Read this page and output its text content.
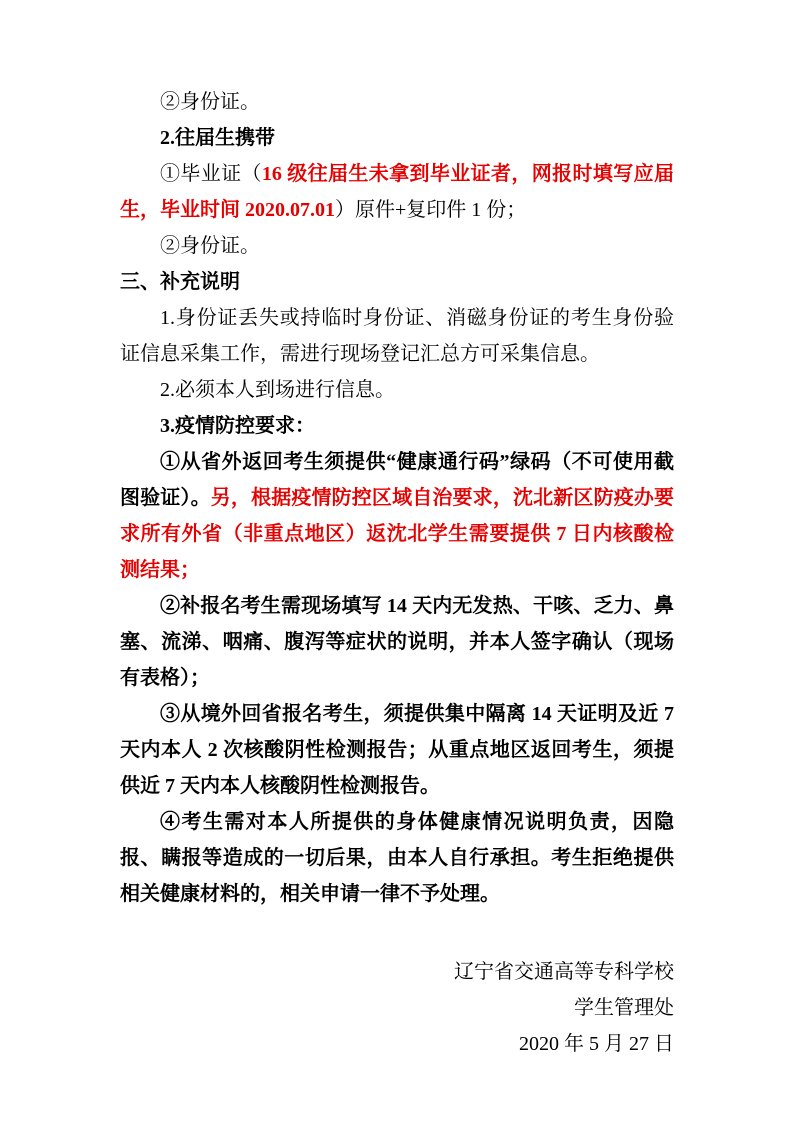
②身份证。

2.往届生携带

①毕业证（16 级往届生未拿到毕业证者，网报时填写应届生，毕业时间 2020.07.01）原件+复印件 1 份；

②身份证。

三、补充说明

1.身份证丢失或持临时身份证、消磁身份证的考生身份验证信息采集工作，需进行现场登记汇总方可采集信息。

2.必须本人到场进行信息。

3.疫情防控要求：

①从省外返回考生须提供“健康通行码”绿码（不可使用截图验证）。另，根据疫情防控区域自治要求，沈北新区防疫办要求所有外省（非重点地区）返沈北学生需要提供 7 日内核酸检测结果；

②补报名考生需现场填写 14 天内无发热、干咳、乏力、鼻塞、流涕、咽痛、腹泻等症状的说明，并本人签字确认（现场有表格）；

③从境外回省报名考生，须提供集中隔离 14 天证明及近 7 天内本人 2 次核酸阴性检测报告；从重点地区返回考生，须提供近 7 天内本人核酸阴性检测报告。

④考生需对本人所提供的身体健康情况说明负责，因隐报、瞒报等造成的一切后果，由本人自行承担。考生拒绝提供相关健康材料的，相关申请一律不予处理。

辽宁省交通高等专科学校

学生管理处

2020 年 5 月 27 日
